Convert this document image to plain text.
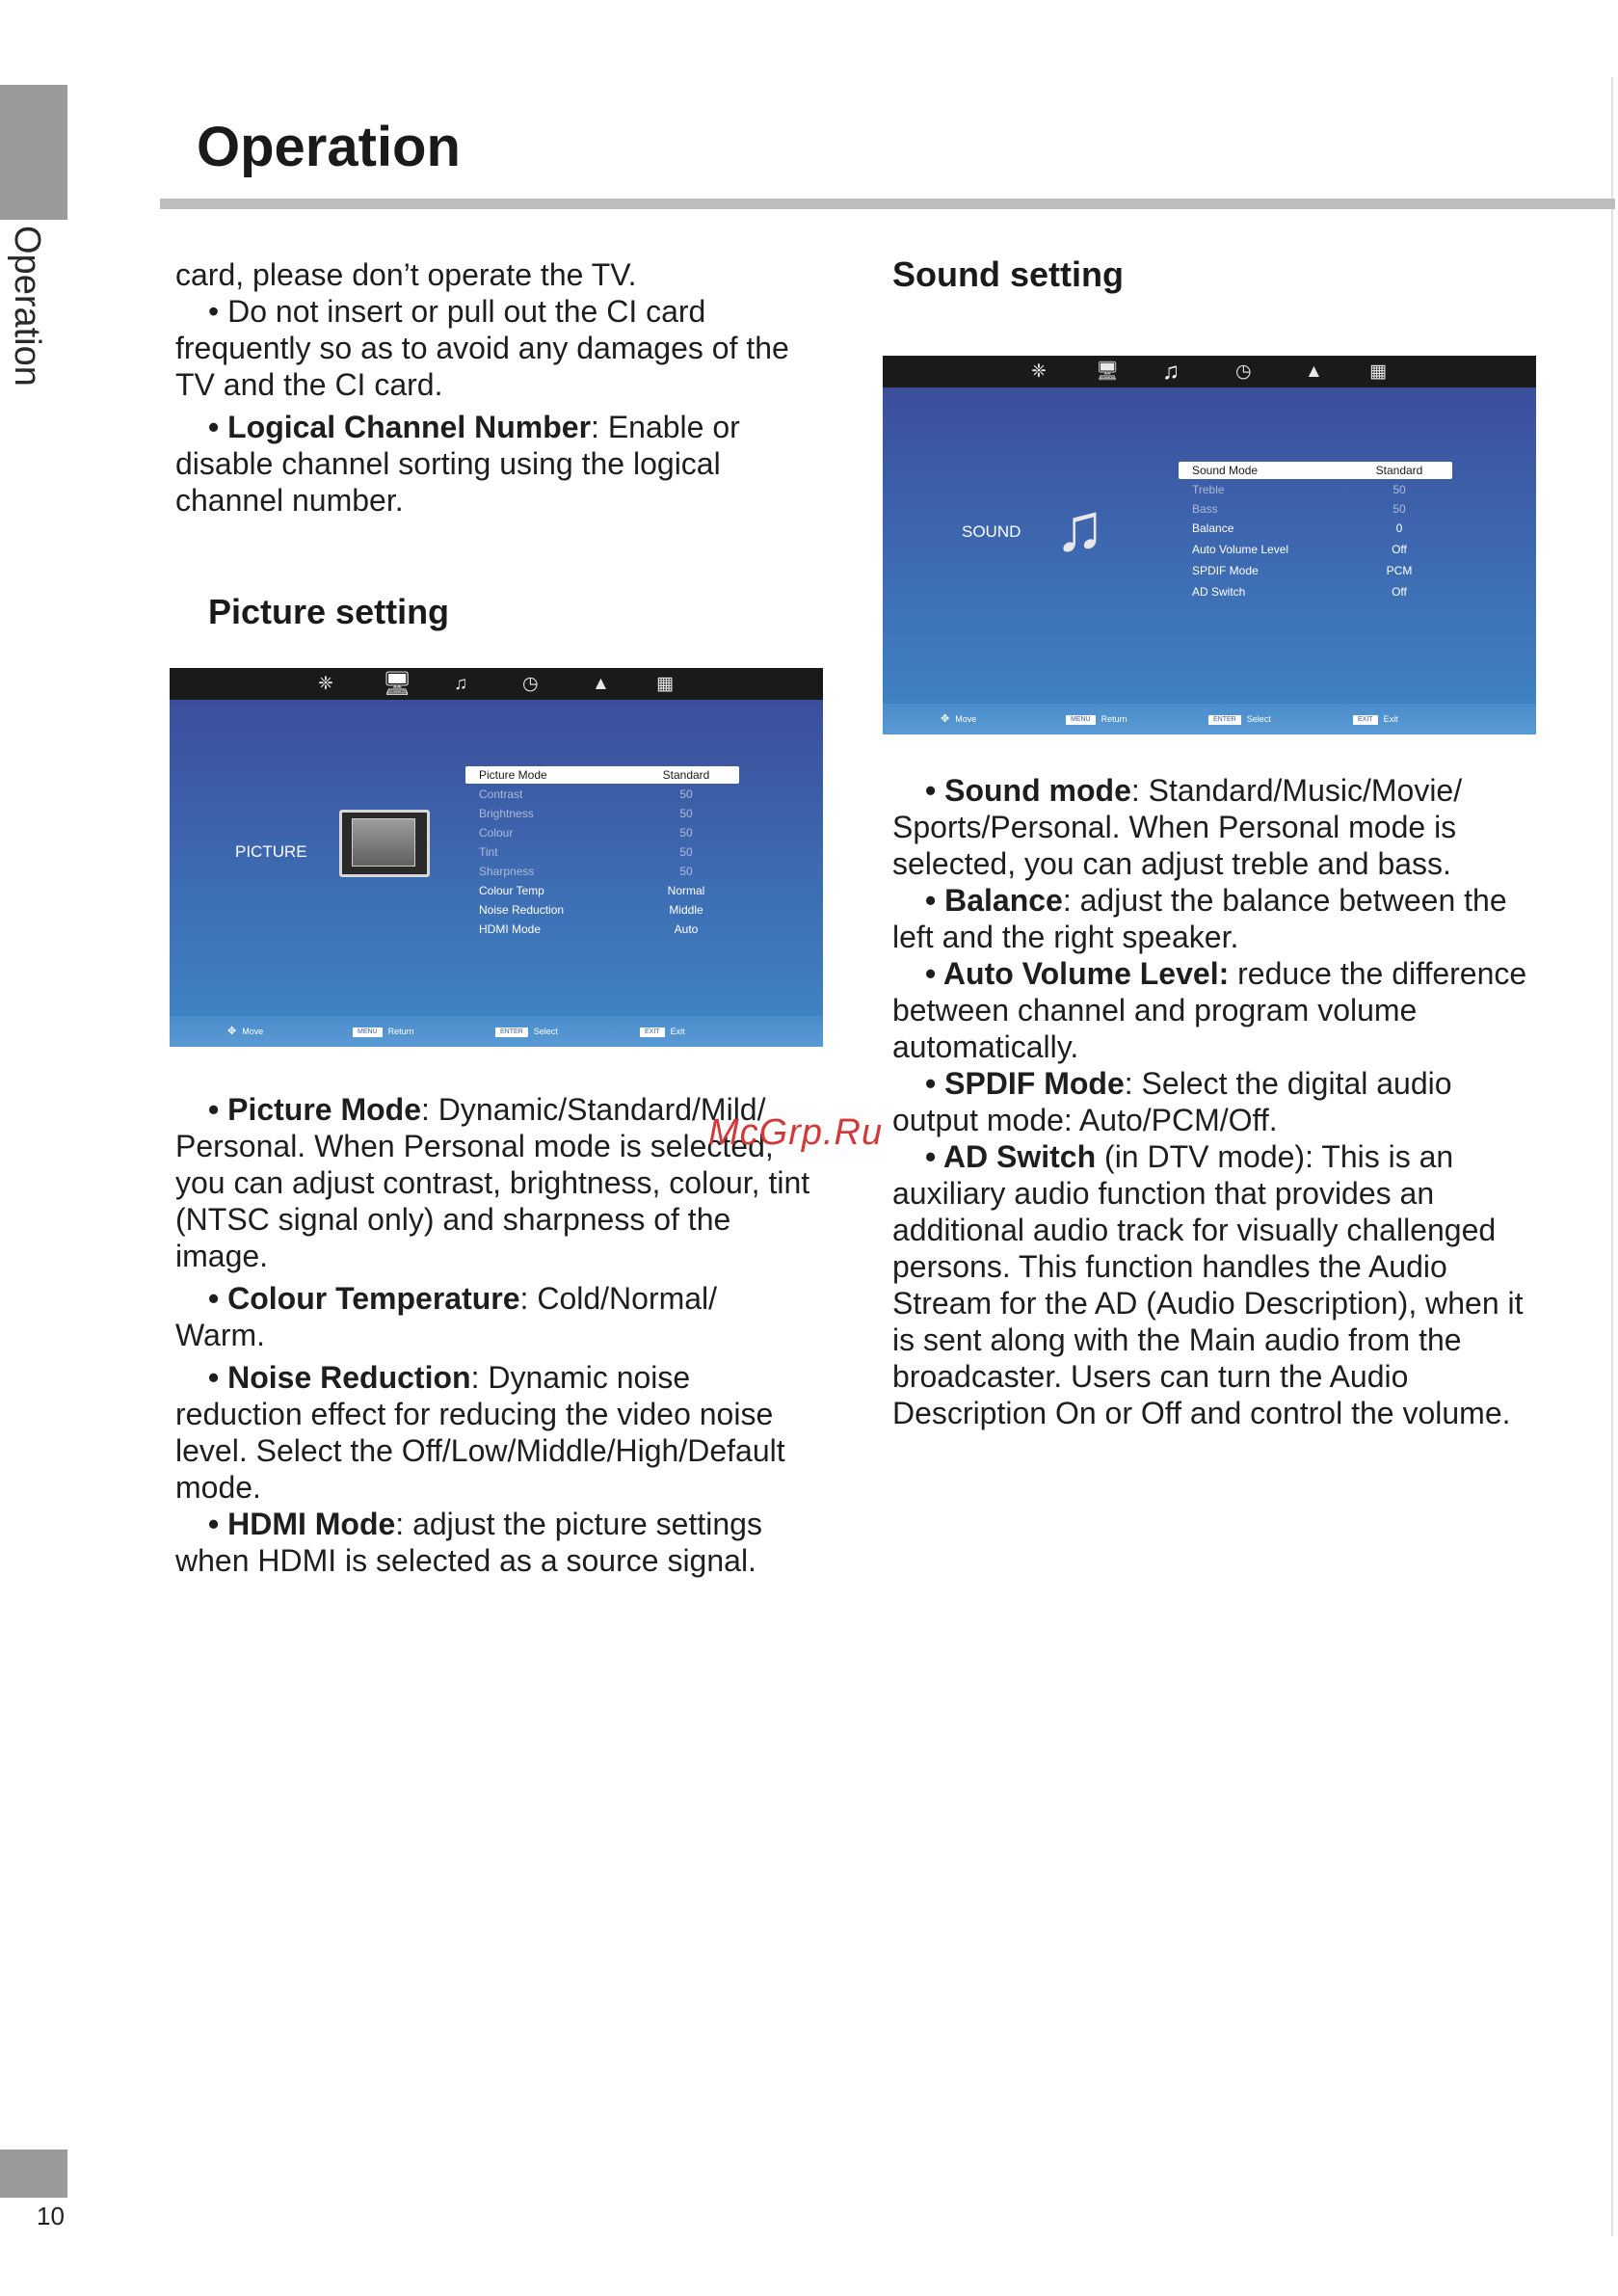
Operation
Operation

card, please don’t operate the TV.

• Do not insert or pull out the CI card frequently so as to avoid any damages of the TV and the CI card.

• Logical Channel Number: Enable or disable channel sorting using the logical channel number.

Picture setting
❈ 🖥 ♫	◷	▲	▦
PICTURE
Picture Mode	Standard
Contrast	50
Brightness	50
Colour	50
Tint	50
Sharpness	50
Colour Temp	Normal
Noise Reduction	Middle
HDMI Mode	Auto
✥ Move	MENU Return	ENTER Select	EXIT Exit

• Picture Mode: Dynamic/Standard/Mild/ Personal. When Personal mode is selected, you can adjust contrast, brightness, colour, tint (NTSC signal only) and sharpness of the image.

• Colour Temperature: Cold/Normal/ Warm.

• Noise Reduction: Dynamic noise reduction effect for reducing the video noise level. Select the Off/Low/Middle/High/Default mode.

• HDMI Mode: adjust the picture settings when HDMI is selected as a source signal.

Sound setting
❈	🖥 ♫	◷	▲	▦
SOUND ♫
Sound Mode	Standard
Treble	50
Bass	50
Balance	0
Auto Volume Level	Off
SPDIF Mode	PCM
AD Switch	Off
✥ Move	MENU Return	ENTER Select	EXIT Exit

• Sound mode: Standard/Music/Movie/ Sports/Personal. When Personal mode is selected, you can adjust treble and bass.

• Balance: adjust the balance between the left and the right speaker.

• Auto Volume Level: reduce the difference between channel and program volume automatically.

• SPDIF Mode: Select the digital audio output mode: Auto/PCM/Off.

• AD Switch (in DTV mode): This is an auxiliary audio function that provides an additional audio track for visually challenged persons. This function handles the Audio Stream for the AD (Audio Description), when it is sent along with the Main audio from the broadcaster. Users can turn the Audio Description On or Off and control the volume.

McGrp.Ru
10
